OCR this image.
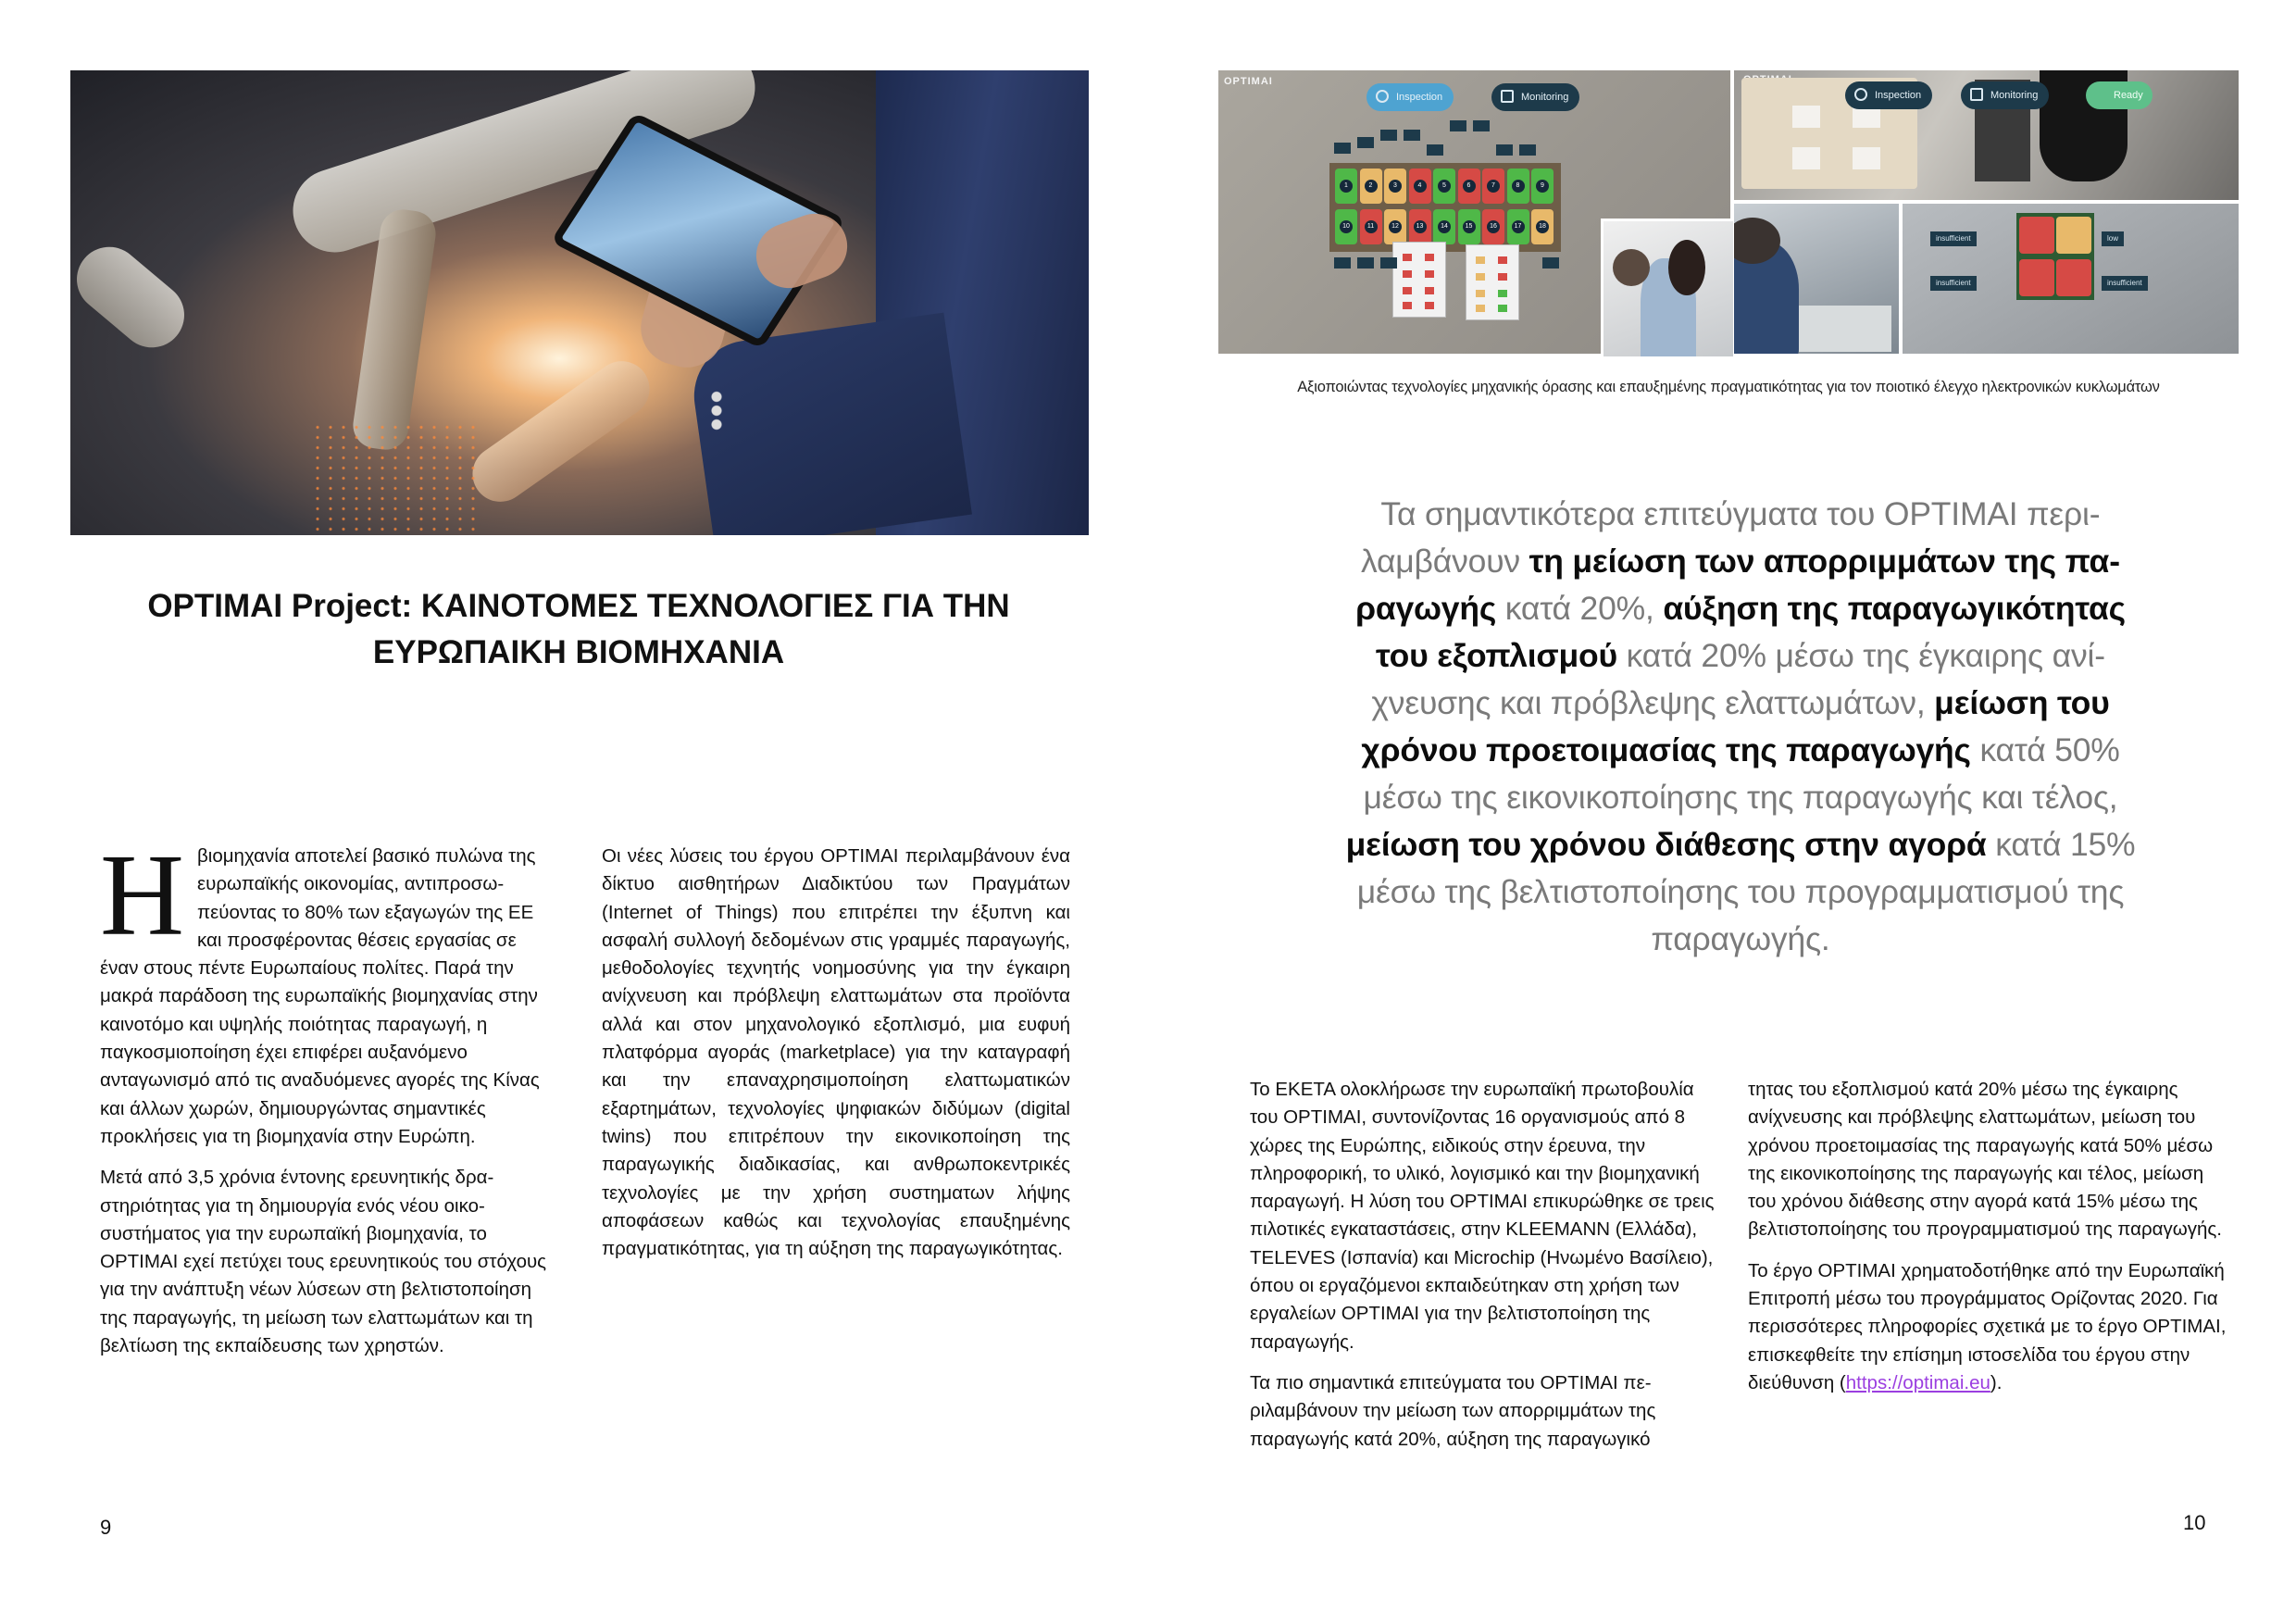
OPTIMAI Project: ΚΑΙΝΟΤΟΜΕΣ ΤΕΧΝΟΛΟΓΙΕΣ ΓΙΑ ΤΗΝ ΕΥΡΩΠΑΙΚΗ ΒΙΟΜΗΧΑΝΙΑ

Η βιομηχανία αποτελεί βασικό πυλώνα της ευρωπαϊκής οικονομίας, αντιπροσωπεύοντας το 80% των εξαγωγών της ΕΕ και προσφέροντας θέσεις εργασίας σε έναν στους πέντε Ευρωπαίους πολίτες. Παρά την μακρά παράδοση της ευρωπαϊκής βιομηχανίας στην καινοτόμο και υψηλής ποιότητας παραγωγή, η παγκοσμιοποίηση έχει επιφέρει αυξανόμενο ανταγωνισμό από τις αναδυόμενες αγορές της Κίνας και άλλων χωρών, δημιουργώντας σημαντικές προκλήσεις για τη βιομηχανία στην Ευρώπη.

Μετά από 3,5 χρόνια έντονης ερευνητικής δραστηριότητας για τη δημιουργία ενός νέου οικοσυστήματος για την ευρωπαϊκή βιομηχανία, το OPTIMAI εχεί πετύχει τους ερευνητικούς του στόχους για την ανάπτυξη νέων λύσεων στη βελτιστοποίηση της παραγωγής, τη μείωση των ελαττωμάτων και τη βελτίωση της εκπαίδευσης των χρηστών.

Οι νέες λύσεις του έργου OPTIMAI περιλαμβάνουν ένα δίκτυο αισθητήρων Διαδικτύου των Πραγμάτων (Internet of Things) που επιτρέπει την έξυπνη και ασφαλή συλλογή δεδομένων στις γραμμές παραγωγής, μεθοδολογίες τεχνητής νοημοσύνης για την έγκαιρη ανίχνευση και πρόβλεψη ελαττωμάτων στα προϊόντα αλλά και στον μηχανολογικό εξοπλισμό, μια ευφυή πλατφόρμα αγοράς (marketplace) για την καταγραφή και την επαναχρησιμοποίηση ελαττωματικών εξαρτημάτων, τεχνολογίες ψηφιακών διδύμων (digital twins) που επιτρέπουν την εικονικοποίηση της παραγωγικής διαδικασίας, και ανθρωποκεντρικές τεχνολογίες με την χρήση συστηματων λήψης αποφάσεων καθώς και τεχνολογίας επαυξημένης πραγματικότητας, για τη αύξηση της παραγωγικότητας.

9
OPTIMAI
Inspection	Monitoring
1	2	3	4	5	6	7	8	9
10	11	12	13	14	15	16	17	18
Inspection	Monitoring	Ready
insufficient	low
insufficient	insufficient
Αξιοποιώντας τεχνολογίες μηχανικής όρασης και επαυξημένης πραγματικότητας για τον ποιοτικό έλεγχο ηλεκτρονικών κυκλωμάτων
Τα σημαντικότερα επιτεύγματα του OPTIMAI περιλαμβάνουν τη μείωση των απορριμμάτων της παραγωγής κατά 20%, αύξηση της παραγωγικότητας του εξοπλισμού κατά 20% μέσω της έγκαιρης ανίχνευσης και πρόβλεψης ελαττωμάτων, μείωση του χρόνου προετοιμασίας της παραγωγής κατά 50% μέσω της εικονικοποίησης της παραγωγής και τέλος, μείωση του χρόνου διάθεσης στην αγορά κατά 15% μέσω της βελτιστοποίησης του προγραμματισμού της παραγωγής.

Το ΕΚΕΤΑ ολοκλήρωσε την ευρωπαϊκή πρωτοβουλία του OPTIMAI, συντονίζοντας 16 οργανισμούς από 8 χώρες της Ευρώπης, ειδικούς στην έρευνα, την πληροφορική, το υλικό, λογισμικό και την βιομηχανική παραγωγή. Η λύση του OPTIMAI επικυρώθηκε σε τρεις πιλοτικές εγκαταστάσεις, στην KLEEMANN (Ελλάδα), TELEVES (Ισπανία) και Microchip (Ηνωμένο Βασίλειο), όπου οι εργαζόμενοι εκπαιδεύτηκαν στη χρήση των εργαλείων OPTIMAI για την βελτιστοποίηση της παραγωγής.

Τα πιο σημαντικά επιτεύγματα του OPTIMAI περιλαμβάνουν την μείωση των απορριμμάτων της παραγωγής κατά 20%, αύξηση της παραγωγικό

τητας του εξοπλισμού κατά 20% μέσω της έγκαιρης ανίχνευσης και πρόβλεψης ελαττωμάτων, μείωση του χρόνου προετοιμασίας της παραγωγής κατά 50% μέσω της εικονικοποίησης της παραγωγής και τέλος, μείωση του χρόνου διάθεσης στην αγορά κατά 15% μέσω της βελτιστοποίησης του προγραμματισμού της παραγωγής.

Το έργο OPTIMAI χρηματοδοτήθηκε από την Ευρωπαϊκή Επιτροπή μέσω του προγράμματος Ορίζοντας 2020. Για περισσότερες πληροφορίες σχετικά με το έργο OPTIMAI, επισκεφθείτε την επίσημη ιστοσελίδα του έργου στην διεύθυνση (https://optimai.eu).

10
